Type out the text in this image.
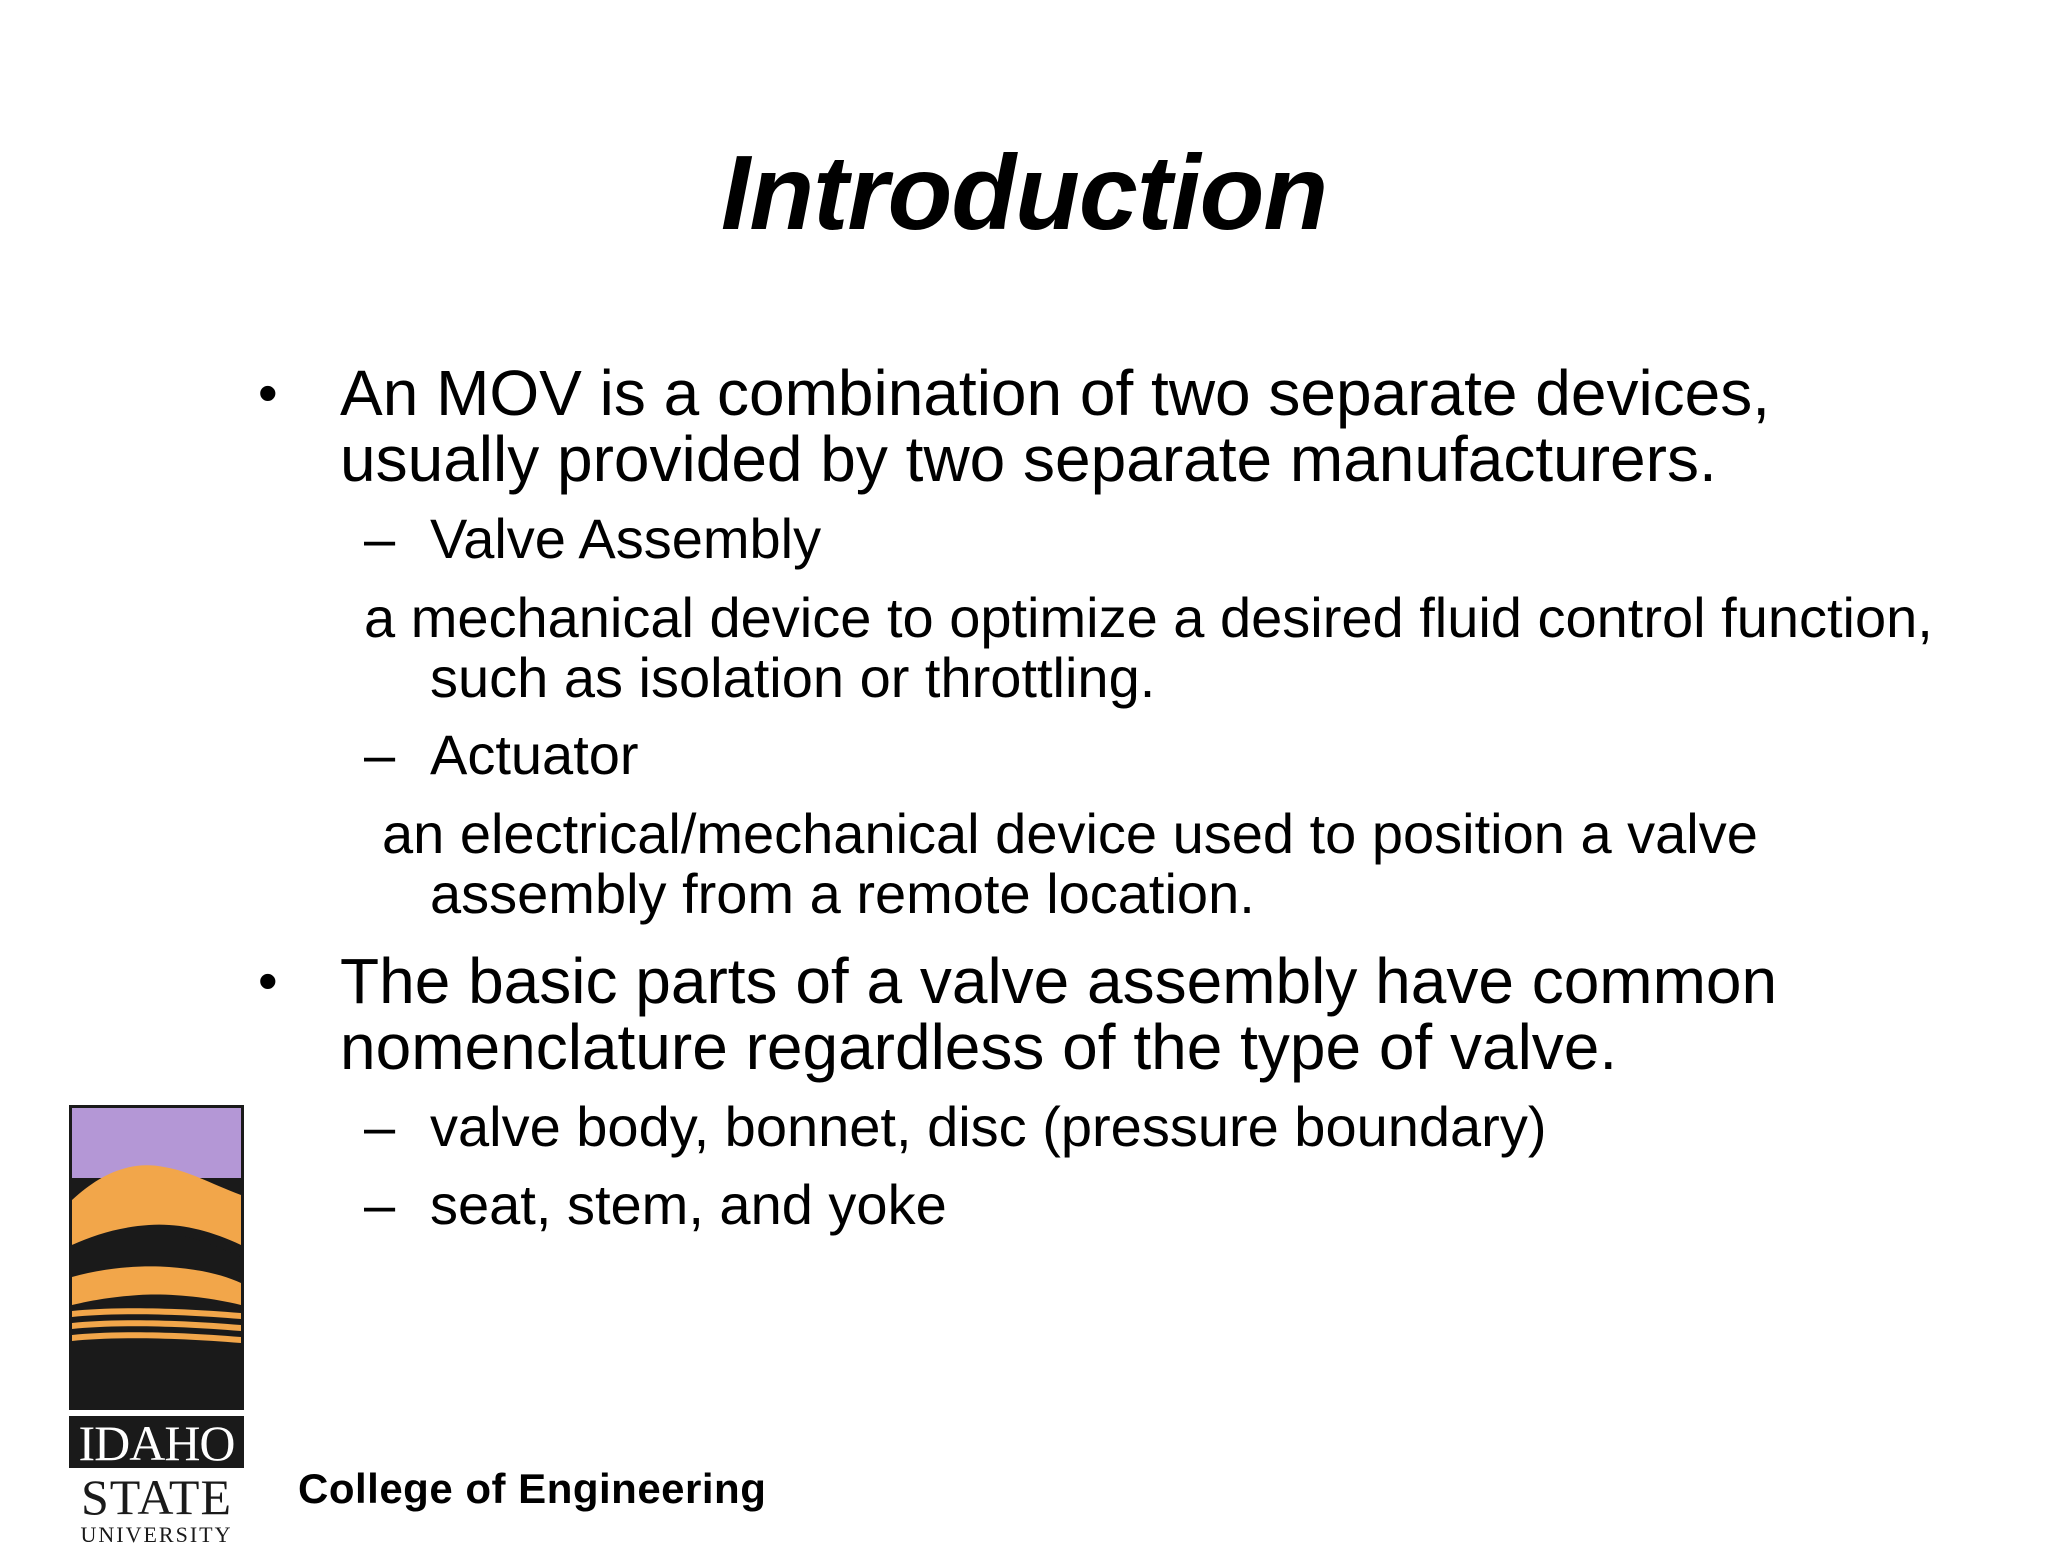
Introduction
• An MOV is a combination of two separate devices, usually provided by two separate manufacturers.
– Valve Assembly
a mechanical device to optimize a desired fluid control function, such as isolation or throttling.
– Actuator
an electrical/mechanical device used to position a valve assembly from a remote location.
• The basic parts of a valve assembly have common nomenclature regardless of the type of valve.
– valve body, bonnet, disc (pressure boundary)
– seat, stem, and yoke
IDAHO
STATE
UNIVERSITY
College of Engineering
